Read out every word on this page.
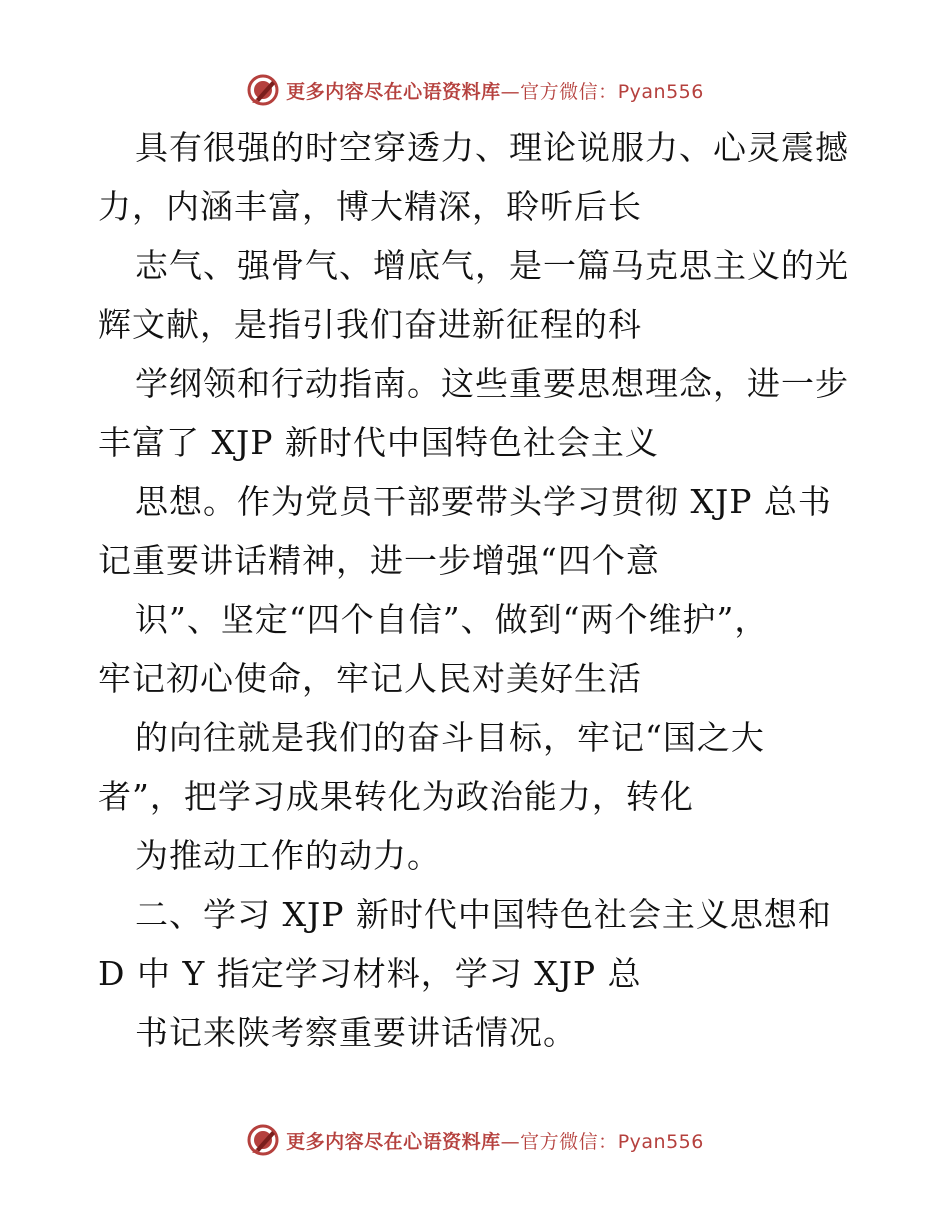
更多内容尽在心语资料库—官方微信：Pyan556
具有很强的时空穿透力、理论说服力、心灵震撼
力，内涵丰富，博大精深，聆听后长
志气、强骨气、增底气，是一篇马克思主义的光
辉文献，是指引我们奋进新征程的科
学纲领和行动指南。这些重要思想理念，进一步
丰富了 XJP 新时代中国特色社会主义
思想。作为党员干部要带头学习贯彻 XJP 总书
记重要讲话精神，进一步增强“四个意
识”、坚定“四个自信”、做到“两个维护”，
牢记初心使命，牢记人民对美好生活
的向往就是我们的奋斗目标，牢记“国之大
者”，把学习成果转化为政治能力，转化
为推动工作的动力。
二、学习 XJP 新时代中国特色社会主义思想和
D 中 Y 指定学习材料，学习 XJP 总
书记来陕考察重要讲话情况。
更多内容尽在心语资料库—官方微信：Pyan556
